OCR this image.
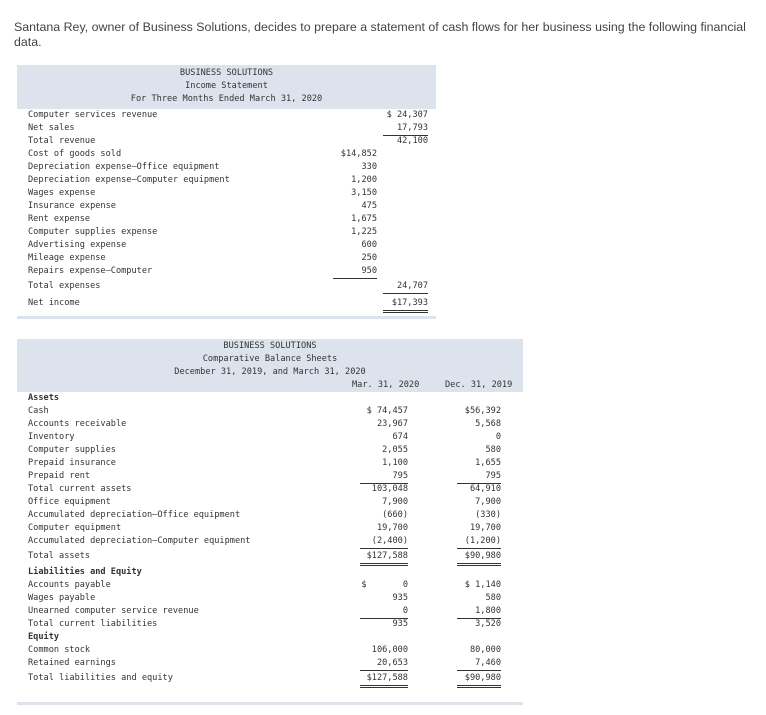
Santana Rey, owner of Business Solutions, decides to prepare a statement of cash flows for her business using the following financial data.
BUSINESS SOLUTIONS
Income Statement
For Three Months Ended March 31, 2020
Computer services revenue	$ 24,307
Net sales	17,793
Total revenue	42,100
Cost of goods sold	$14,852
Depreciation expense—Office equipment	330
Depreciation expense—Computer equipment	1,200
Wages expense	3,150
Insurance expense	475
Rent expense	1,675
Computer supplies expense	1,225
Advertising expense	600
Mileage expense	250
Repairs expense—Computer	950
Total expenses	24,707
Net income	$17,393
BUSINESS SOLUTIONS
Comparative Balance Sheets
December 31, 2019, and March 31, 2020
Mar. 31, 2020	Dec. 31, 2019
Assets
Cash	$ 74,457	$56,392
Accounts receivable	23,967	5,568
Inventory	674	0
Computer supplies	2,055	580
Prepaid insurance	1,100	1,655
Prepaid rent	795	795
Total current assets	103,048	64,910
Office equipment	7,900	7,900
Accumulated depreciation—Office equipment	(660)	(330)
Computer equipment	19,700	19,700
Accumulated depreciation—Computer equipment	(2,400)	(1,200)
Total assets	$127,588	$90,980
Liabilities and Equity
Accounts payable	$       0	$ 1,140
Wages payable	935	580
Unearned computer service revenue	0	1,800
Total current liabilities	935	3,520
Equity
Common stock	106,000	80,000
Retained earnings	20,653	7,460
Total liabilities and equity	$127,588	$90,980
